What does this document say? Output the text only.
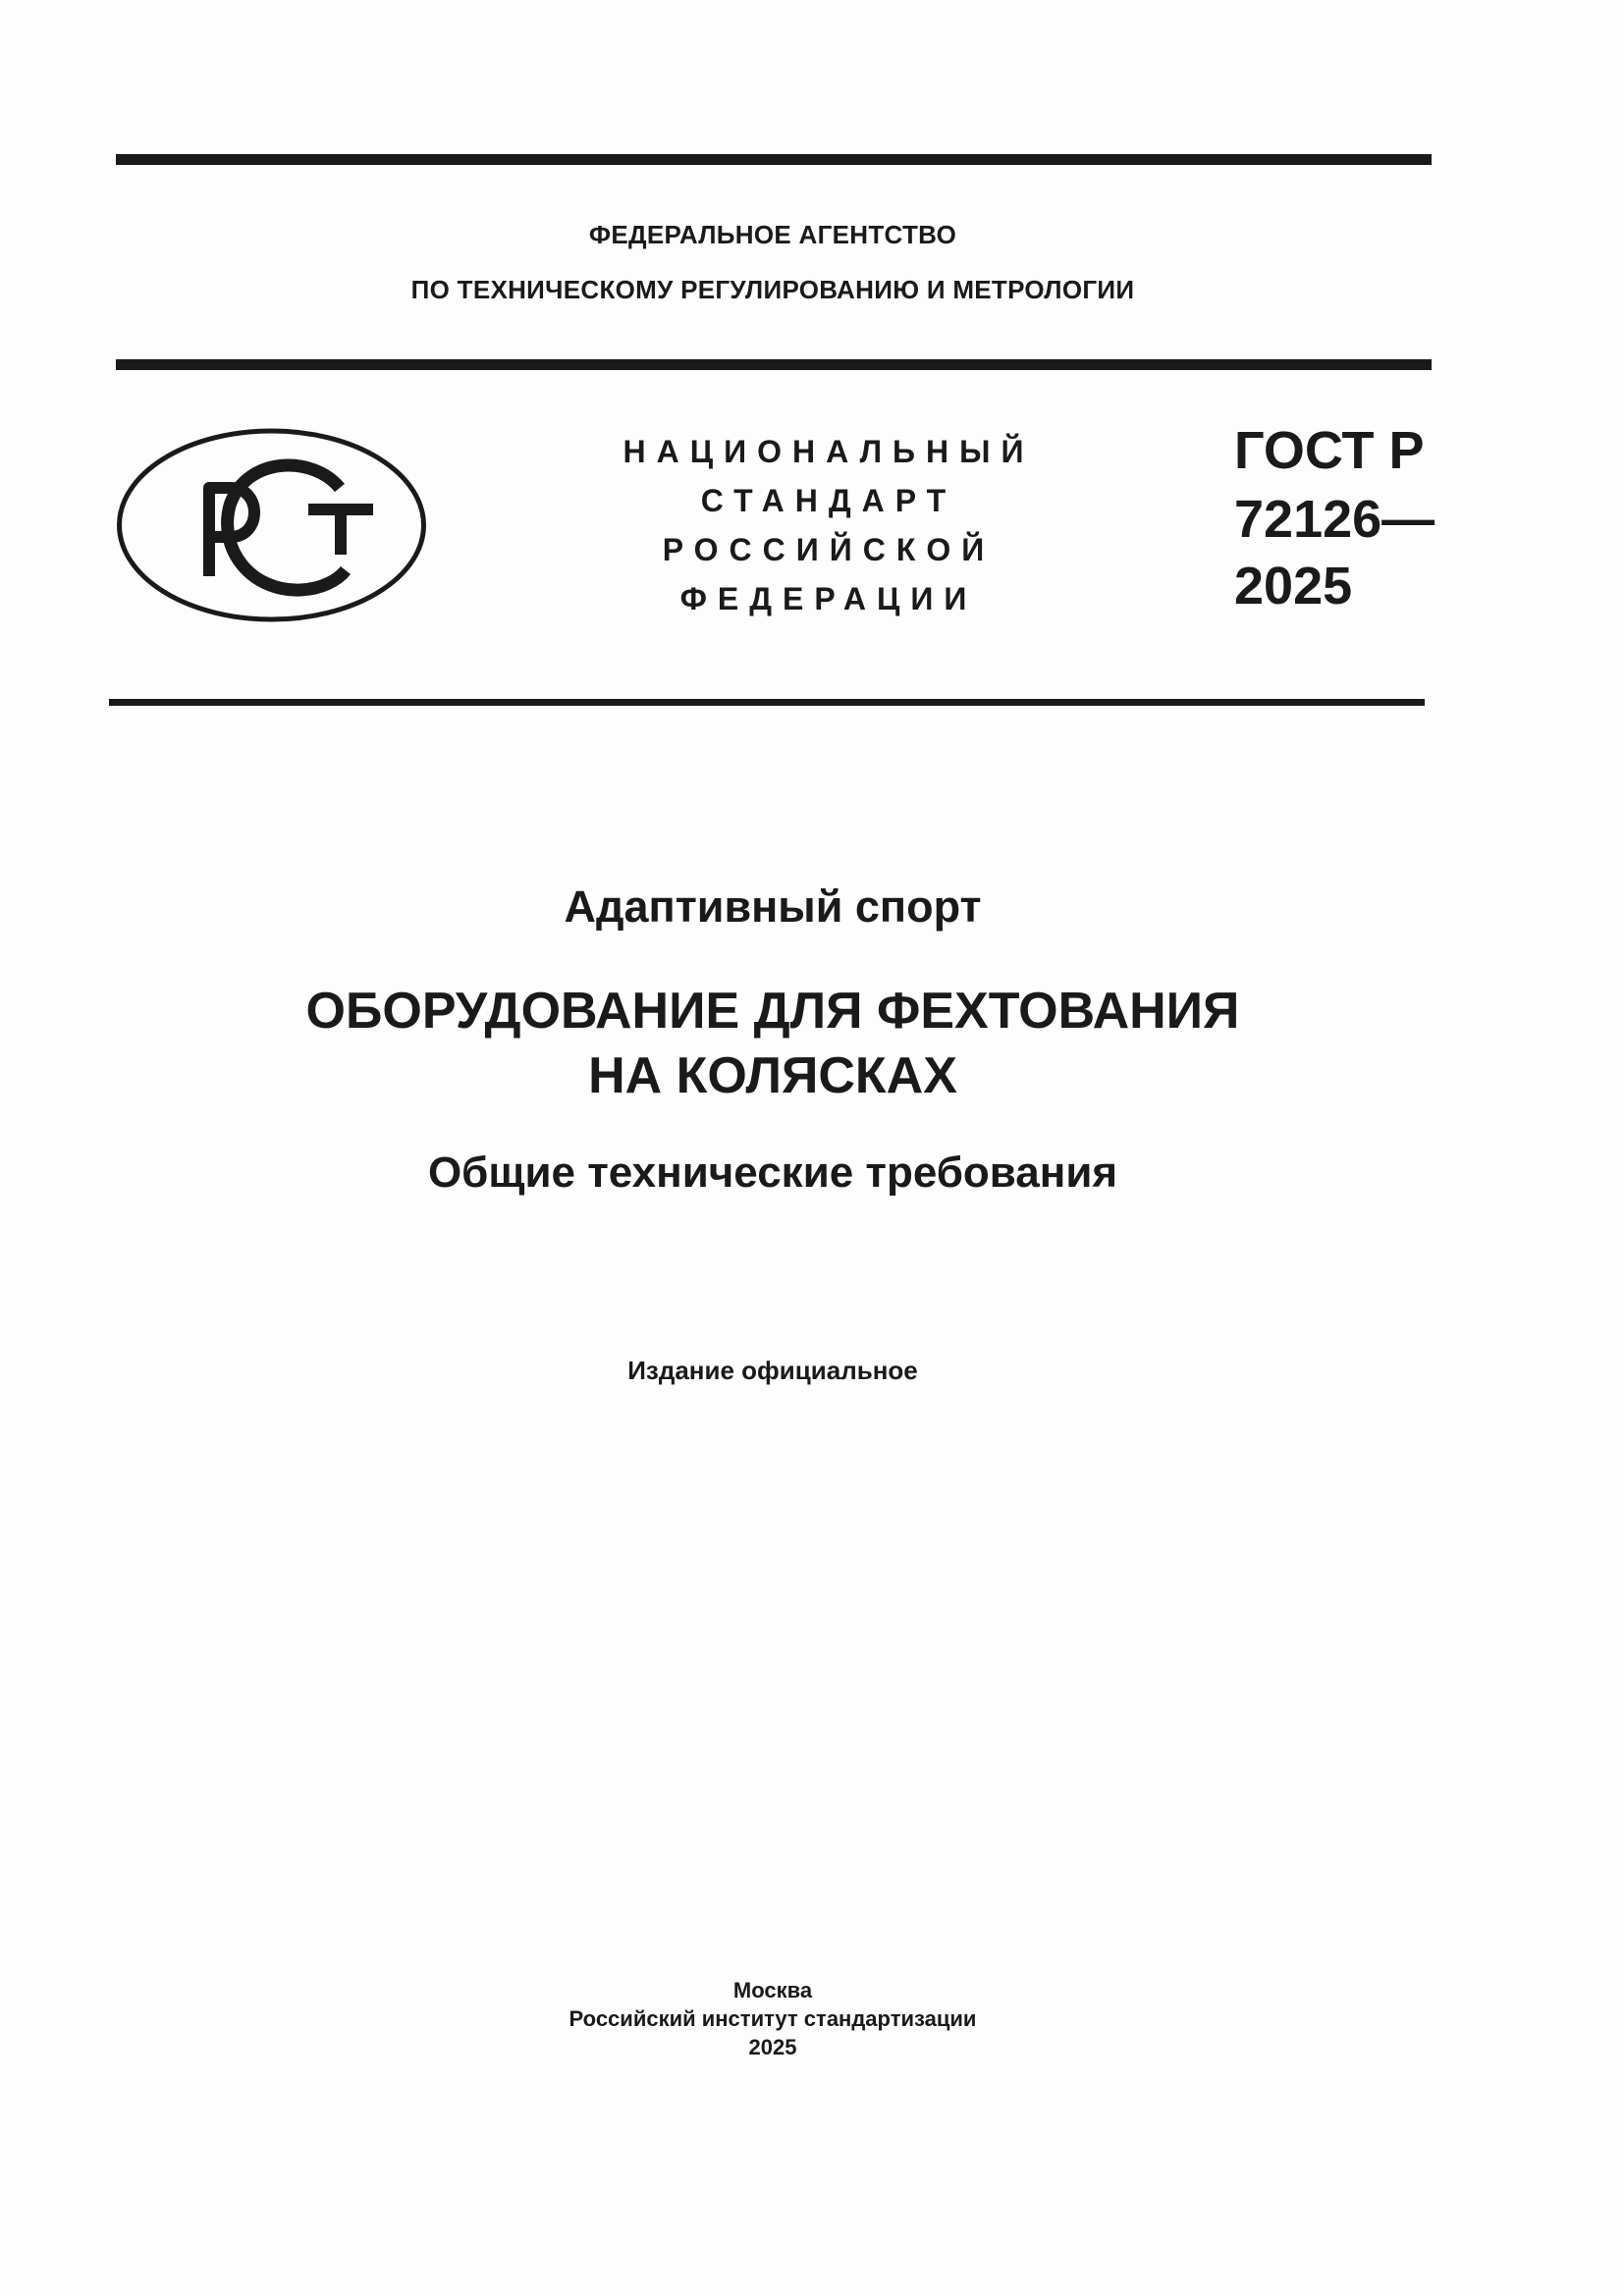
ФЕДЕРАЛЬНОЕ АГЕНТСТВО
ПО ТЕХНИЧЕСКОМУ РЕГУЛИРОВАНИЮ И МЕТРОЛОГИИ
НАЦИОНАЛЬНЫЙ
СТАНДАРТ
РОССИЙСКОЙ
ФЕДЕРАЦИИ
ГОСТ Р
72126—
2025
Адаптивный спорт
ОБОРУДОВАНИЕ ДЛЯ ФЕХТОВАНИЯ
НА КОЛЯСКАХ
Общие технические требования
Издание официальное
Москва
Российский институт стандартизации
2025
